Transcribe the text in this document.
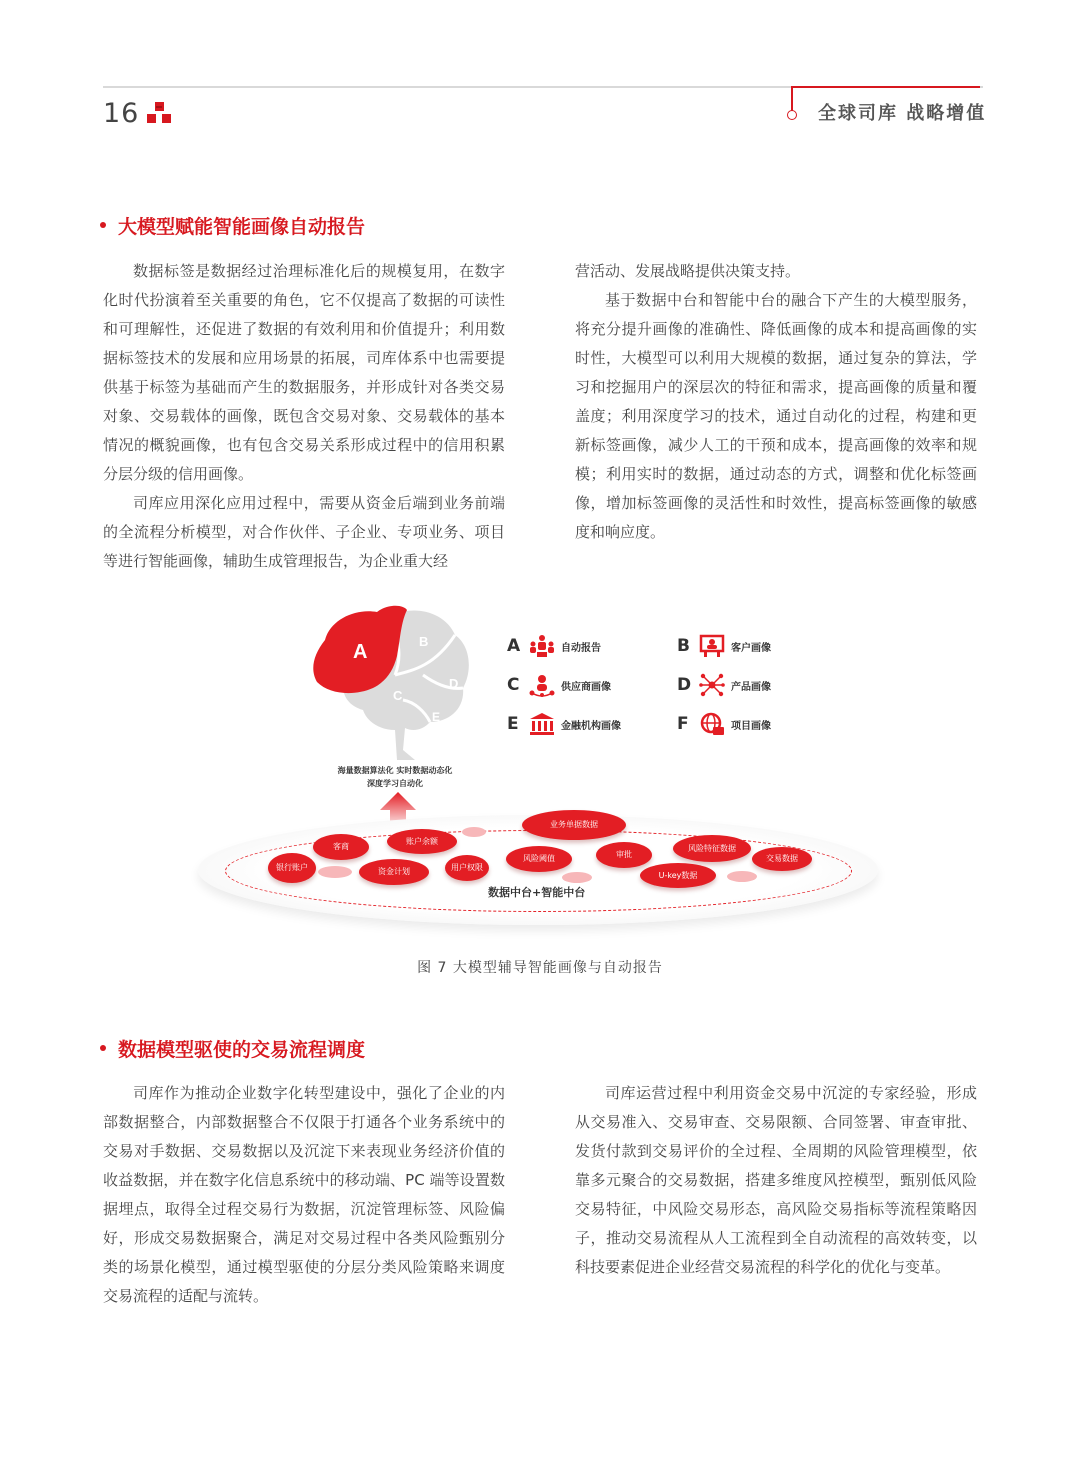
16	全球司库 战略增值
大模型赋能智能画像自动报告

数据标签是数据经过治理标准化后的规模复用，在数字化时代扮演着至关重要的角色，它不仅提高了数据的可读性和可理解性，还促进了数据的有效利用和价值提升；利用数据标签技术的发展和应用场景的拓展，司库体系中也需要提供基于标签为基础而产生的数据服务，并形成针对各类交易对象、交易载体的画像，既包含交易对象、交易载体的基本情况的概貌画像，也有包含交易关系形成过程中的信用积累分层分级的信用画像。

司库应用深化应用过程中，需要从资金后端到业务前端的全流程分析模型，对合作伙伴、子企业、专项业务、项目等进行智能画像，辅助生成管理报告，为企业重大经

营活动、发展战略提供决策支持。

基于数据中台和智能中台的融合下产生的大模型服务，将充分提升画像的准确性、降低画像的成本和提高画像的实时性，大模型可以利用大规模的数据，通过复杂的算法，学习和挖掘用户的深层次的特征和需求，提高画像的质量和覆盖度；利用深度学习的技术，通过自动化的过程，构建和更新标签画像，减少人工的干预和成本，提高画像的效率和规模；利用实时的数据，通过动态的方式，调整和优化标签画像，增加标签画像的灵活性和时效性，提高标签画像的敏感度和响应度。

A	B
C
D
E
F
A	自动报告	B	客户画像
C	供应商画像	D	产品画像
E	金融机构画像	F	项目画像
海量数据算法化 实时数据动态化
深度学习自动化
业务单据数据
账户余额
客商	风险特征数据
银行账户	资金计划	用户权限
风险阈值	审批	交易数据
U-key数据
数据中台+智能中台
图 7 大模型辅导智能画像与自动报告
数据模型驱使的交易流程调度

司库作为推动企业数字化转型建设中，强化了企业的内部数据整合，内部数据整合不仅限于打通各个业务系统中的交易对手数据、交易数据以及沉淀下来表现业务经济价值的收益数据，并在数字化信息系统中的移动端、PC 端等设置数据埋点，取得全过程交易行为数据，沉淀管理标签、风险偏好，形成交易数据聚合，满足对交易过程中各类风险甄别分类的场景化模型，通过模型驱使的分层分类风险策略来调度交易流程的适配与流转。

司库运营过程中利用资金交易中沉淀的专家经验，形成从交易准入、交易审查、交易限额、合同签署、审查审批、发货付款到交易评价的全过程、全周期的风险管理模型，依靠多元聚合的交易数据，搭建多维度风控模型，甄别低风险交易特征，中风险交易形态，高风险交易指标等流程策略因子，推动交易流程从人工流程到全自动流程的高效转变，以科技要素促进企业经营交易流程的科学化的优化与变革。
